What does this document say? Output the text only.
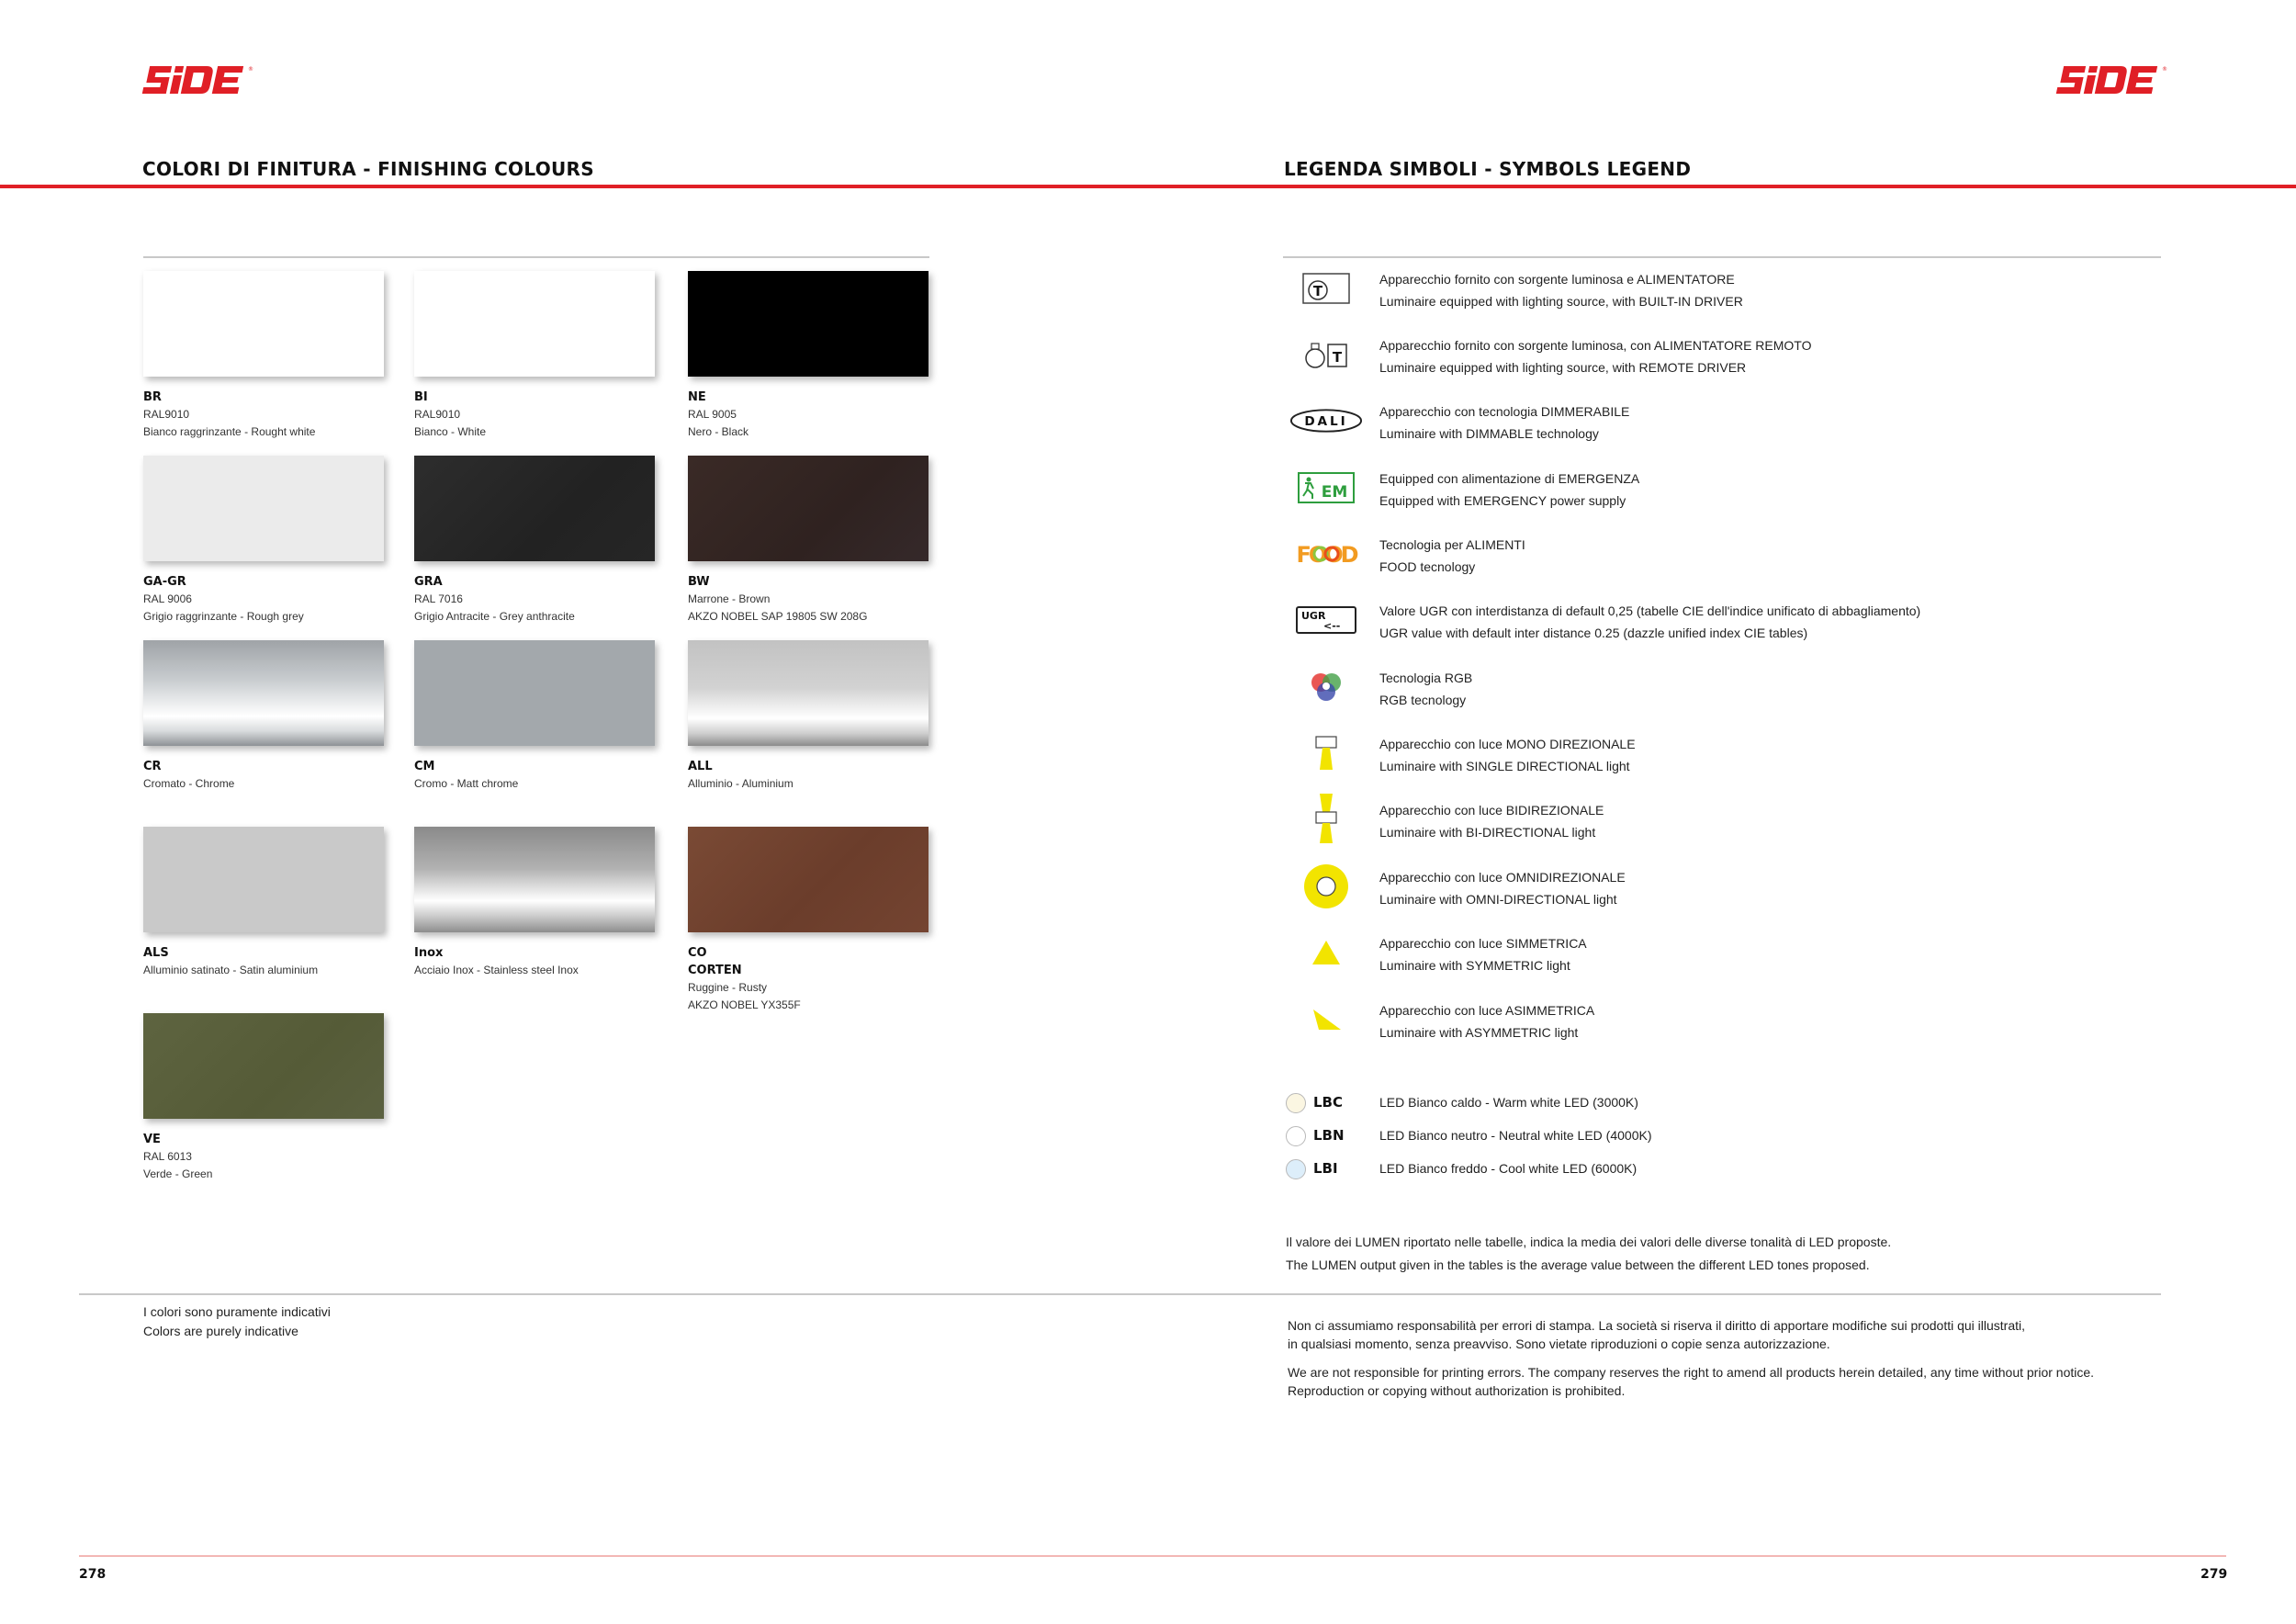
®	®
COLORI DI FINITURA - FINISHING COLOURS	LEGENDA SIMBOLI - SYMBOLS LEGEND
BR
RAL9010
Bianco raggrinzante - Rought white
BI
RAL9010
Bianco - White
NE
RAL 9005
Nero - Black
GA-GR
RAL 9006
Grigio raggrinzante - Rough grey
GRA
RAL 7016
Grigio Antracite - Grey anthracite
BW
Marrone - Brown
AKZO NOBEL SAP 19805 SW 208G
CR
Cromato - Chrome
CM
Cromo - Matt chrome
ALL
Alluminio - Aluminium
ALS
Alluminio satinato - Satin aluminium
Inox
Acciaio Inox - Stainless steel Inox
CO
CORTEN
Ruggine - Rusty
AKZO NOBEL YX355F
VE
RAL 6013
Verde - Green
I colori sono puramente indicativi
Colors are purely indicative
T
Apparecchio fornito con sorgente luminosa e ALIMENTATORE
Luminaire equipped with lighting source, with BUILT-IN DRIVER
T
Apparecchio fornito con sorgente luminosa, con ALIMENTATORE REMOTO
Luminaire equipped with lighting source, with REMOTE DRIVER
DALI
Apparecchio con tecnologia DIMMERABILE
Luminaire with DIMMABLE technology
EM
Equipped con alimentazione di EMERGENZA
Equipped with EMERGENCY power supply
FOOD Tecnologia per ALIMENTI
FOOD tecnology
UGR
<--
Valore UGR con interdistanza di default 0,25 (tabelle CIE dell'indice unificato di abbagliamento)
UGR value with default inter distance 0.25 (dazzle unified index CIE tables)
Tecnologia RGB
RGB tecnology
Apparecchio con luce MONO DIREZIONALE
Luminaire with SINGLE DIRECTIONAL light
Apparecchio con luce BIDIREZIONALE
Luminaire with BI-DIRECTIONAL light
Apparecchio con luce OMNIDIREZIONALE
Luminaire with OMNI-DIRECTIONAL light
Apparecchio con luce SIMMETRICA
Luminaire with SYMMETRIC light
Apparecchio con luce ASIMMETRICA
Luminaire with ASYMMETRIC light
LBC	LED Bianco caldo - Warm white LED (3000K)
LBN	LED Bianco neutro - Neutral white LED (4000K)
LBI	LED Bianco freddo - Cool white LED (6000K)
Il valore dei LUMEN riportato nelle tabelle, indica la media dei valori delle diverse tonalità di LED proposte.
The LUMEN output given in the tables is the average value between the different LED tones proposed.
Non ci assumiamo responsabilità per errori di stampa. La società si riserva il diritto di apportare modifiche sui prodotti qui illustrati,
in qualsiasi momento, senza preavviso. Sono vietate riproduzioni o copie senza autorizzazione.
We are not responsible for printing errors. The company reserves the right to amend all products herein detailed, any time without prior notice.
Reproduction or copying without authorization is prohibited.
278	279
